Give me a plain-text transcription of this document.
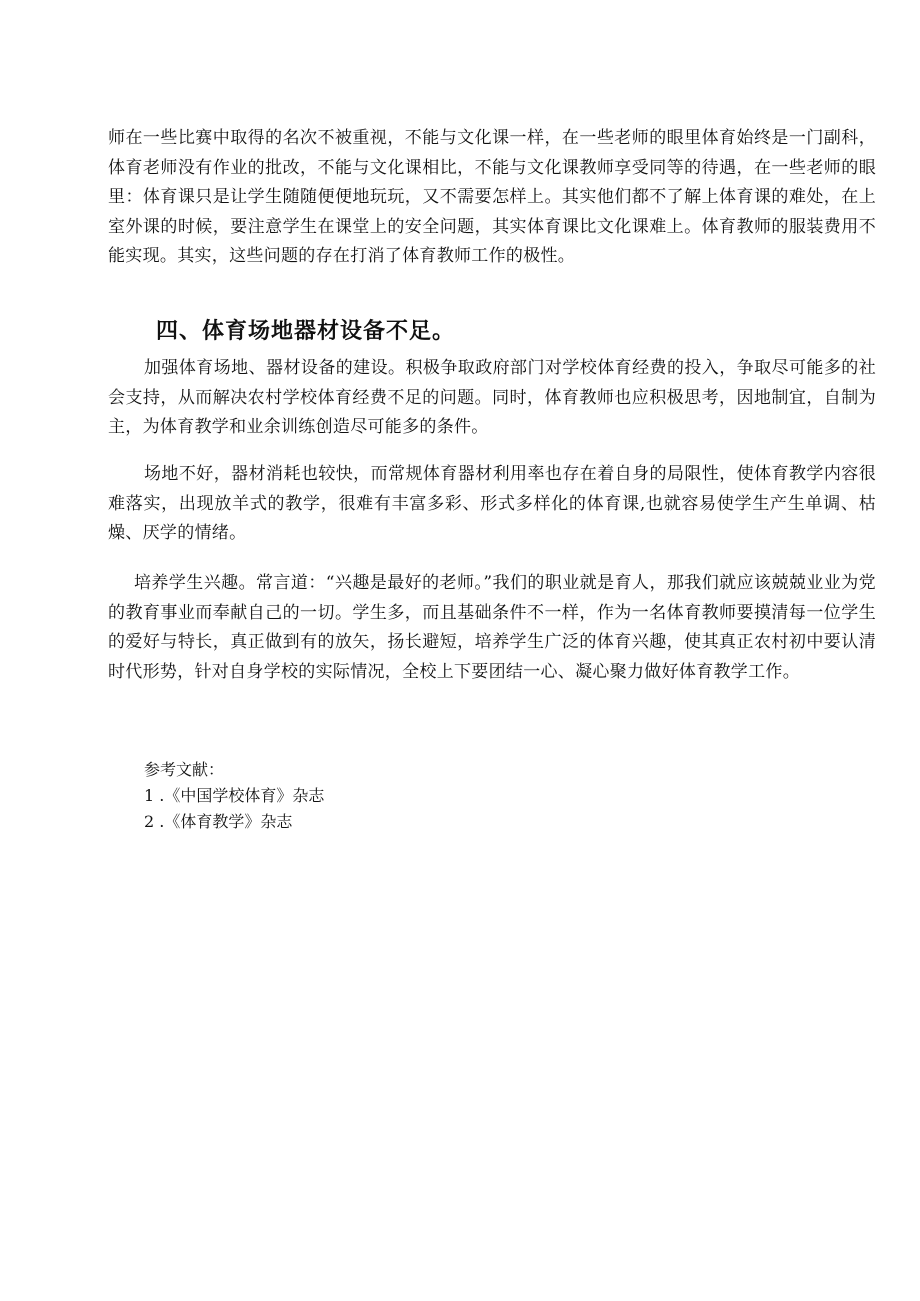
师在一些比赛中取得的名次不被重视，不能与文化课一样，在一些老师的眼里体育始终是一门副科，体育老师没有作业的批改，不能与文化课相比，不能与文化课教师享受同等的待遇，在一些老师的眼里：体育课只是让学生随随便便地玩玩，又不需要怎样上。其实他们都不了解上体育课的难处，在上室外课的时候，要注意学生在课堂上的安全问题，其实体育课比文化课难上。体育教师的服装费用不能实现。其实，这些问题的存在打消了体育教师工作的极性。

四、体育场地器材设备不足。

加强体育场地、器材设备的建设。积极争取政府部门对学校体育经费的投入，争取尽可能多的社会支持，从而解决农村学校体育经费不足的问题。同时，体育教师也应积极思考，因地制宜，自制为主，为体育教学和业余训练创造尽可能多的条件。

场地不好，器材消耗也较快，而常规体育器材利用率也存在着自身的局限性，使体育教学内容很难落实，出现放羊式的教学，很难有丰富多彩、形式多样化的体育课,也就容易使学生产生单调、枯燥、厌学的情绪。

培养学生兴趣。常言道：“兴趣是最好的老师。”我们的职业就是育人，那我们就应该兢兢业业为党的教育事业而奉献自己的一切。学生多，而且基础条件不一样，作为一名体育教师要摸清每一位学生的爱好与特长，真正做到有的放矢，扬长避短，培养学生广泛的体育兴趣，使其真正农村初中要认清时代形势，针对自身学校的实际情况，全校上下要团结一心、凝心聚力做好体育教学工作。

参考文献：
1 .《中国学校体育》杂志
2 .《体育教学》杂志
